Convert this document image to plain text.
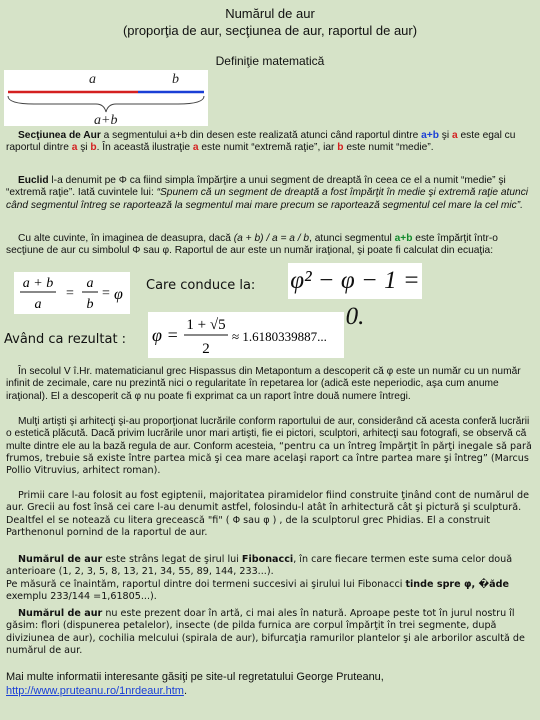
Numărul de aur
(proporţia de aur, secţiunea de aur, raportul de aur)
Definiţie matematică
a	b
a+b
Secţiunea de Aur a segmentului a+b din desen este realizată atunci când raportul dintre a+b şi a este egal cu raportul dintre a şi b. În această ilustraţie a este numit “extremă raţie”, iar b este numit “medie”.
Euclid l-a denumit pe Φ ca fiind simpla împărţire a unui segment de dreaptă în ceea ce el a numit “medie” şi “extremă raţie”. Iată cuvintele lui: “Spunem că un segment de dreaptă a fost împărţit în medie şi extremă raţie atunci când segmentul întreg se raportează la segmentul mai mare precum se raportează segmentul cel mare la cel mic”.
Cu alte cuvinte, în imaginea de deasupra, dacă (a + b) / a = a / b, atunci segmentul a+b este împărţit într-o secţiune de aur cu simbolul Φ sau φ. Raportul de aur este un număr iraţional, şi poate fi calculat din ecuaţia:
a + b
a
=
a
b
= φ
Care conduce la: φ² − φ − 1 = 0.
Având ca rezultat : φ = 1 + √5
2
≈ 1.6180339887...
În secolul V î.Hr. matematicianul grec Hispassus din Metapontum a descoperit că φ este un număr cu un număr infinit de zecimale, care nu prezintă nici o regularitate în repetarea lor (adică este neperiodic, aşa cum anume iraţional). El a descoperit că φ nu poate fi exprimat ca un raport între două numere întregi.
Mulţi artişti şi arhitecţi şi-au proporţionat lucrările conform raportului de aur, considerând că acesta conferă lucrării o estetică plăcută. Dacă privim lucrările unor mari artişti, fie ei pictori, sculptori, arhitecţi sau fotografi, se observă că multe dintre ele au la bază regula de aur. Conform acesteia, “pentru ca un întreg împărţit în părţi inegale să pară frumos, trebuie să existe între partea mică şi cea mare acelaşi raport ca între partea mare şi întreg” (Marcus Pollio Vitruvius, arhitect roman).
Primii care l-au folosit au fost egiptenii, majoritatea piramidelor fiind construite ţinând cont de numărul de aur. Grecii au fost însă cei care l-au denumit astfel, folosindu-l atât în arhitectură cât şi pictură şi sculptură. Dealtfel el se notează cu litera grecească "fi" ( Φ sau φ ) , de la sculptorul grec Phidias. El a construit Parthenonul pornind de la raportul de aur.
Numărul de aur este strâns legat de şirul lui Fibonacci, în care fiecare termen este suma celor două anterioare (1, 2, 3, 5, 8, 13, 21, 34, 55, 89, 144, 233...).
Pe măsură ce înaintăm, raportul dintre doi termeni succesivi ai şirului lui Fibonacci tinde spre φ, �ăde exemplu 233/144 =1,61805...).
Numărul de aur nu este prezent doar în artă, ci mai ales în natură. Aproape peste tot în jurul nostru îl găsim: flori (dispunerea petalelor), insecte (de pilda furnica are corpul împărţit în trei segmente, după diviziunea de aur), cochilia melcului (spirala de aur), bifurcaţia ramurilor plantelor şi ale arborilor ascultă de numărul de aur.
Mai multe informatii interesante găsiţi pe site-ul regretatului George Pruteanu,
http://www.pruteanu.ro/1nrdeaur.htm.
